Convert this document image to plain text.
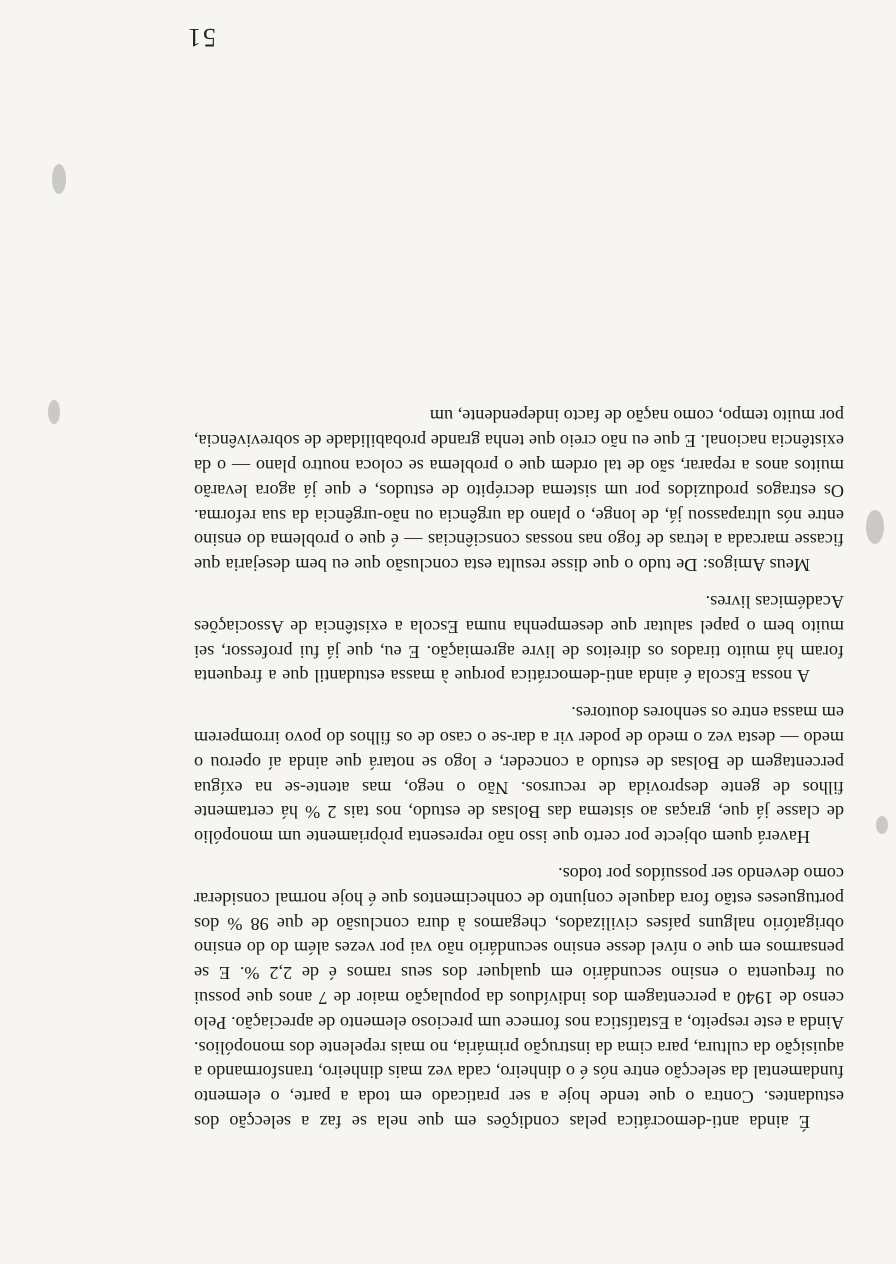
51

É ainda anti-democrática pelas condições em que nela se faz a selecção dos estudantes. Contra o que tende hoje a ser praticado em toda a parte, o elemento fundamental da selecção entre nós é o dinheiro, cada vez mais dinheiro, transformando a aquisição da cultura, para cima da instrução primária, no mais repelente dos monopólios. Ainda a este respeito, a Estatística nos fornece um precioso elemento de apreciação. Pelo censo de 1940 a percentagem dos indivíduos da população maior de 7 anos que possui ou frequenta o ensino secundário em qualquer dos seus ramos é de 2,2 %. E se pensarmos em que o nível desse ensino secundário não vai por vezes além do do ensino obrigatório nalguns países civilizados, chegamos à dura conclusão de que 98 % dos portugueses estão fora daquele conjunto de conhecimentos que é hoje normal considerar como devendo ser possuídos por todos.

Haverá quem objecte por certo que isso não representa pròpriamente um monopólio de classe já que, graças ao sistema das Bolsas de estudo, nos tais 2 % há certamente filhos de gente desprovida de recursos. Não o nego, mas atente-se na exígua percentagem de Bolsas de estudo a conceder, e logo se notará que ainda aí operou o medo — desta vez o medo de poder vir a dar-se o caso de os filhos do povo irromperem em massa entre os senhores doutores.

A nossa Escola é ainda anti-democrática porque à massa estudantil que a frequenta foram há muito tirados os direitos de livre agremiação. E eu, que já fui professor, sei muito bem o papel salutar que desempenha numa Escola a existência de Associações Académicas livres.

Meus Amigos: De tudo o que disse resulta esta conclusão que eu bem desejaria que ficasse marcada a letras de fogo nas nossas consciências — é que o problema do ensino entre nós ultrapassou já, de longe, o plano da urgência ou não-urgência da sua reforma. Os estragos produzidos por um sistema decrépito de estudos, e que já agora levarão muitos anos a reparar, são de tal ordem que o problema se coloca noutro plano — o da existência nacional. E que eu não creio que tenha grande probabilidade de sobrevivência, por muito tempo, como nação de facto independente, um
